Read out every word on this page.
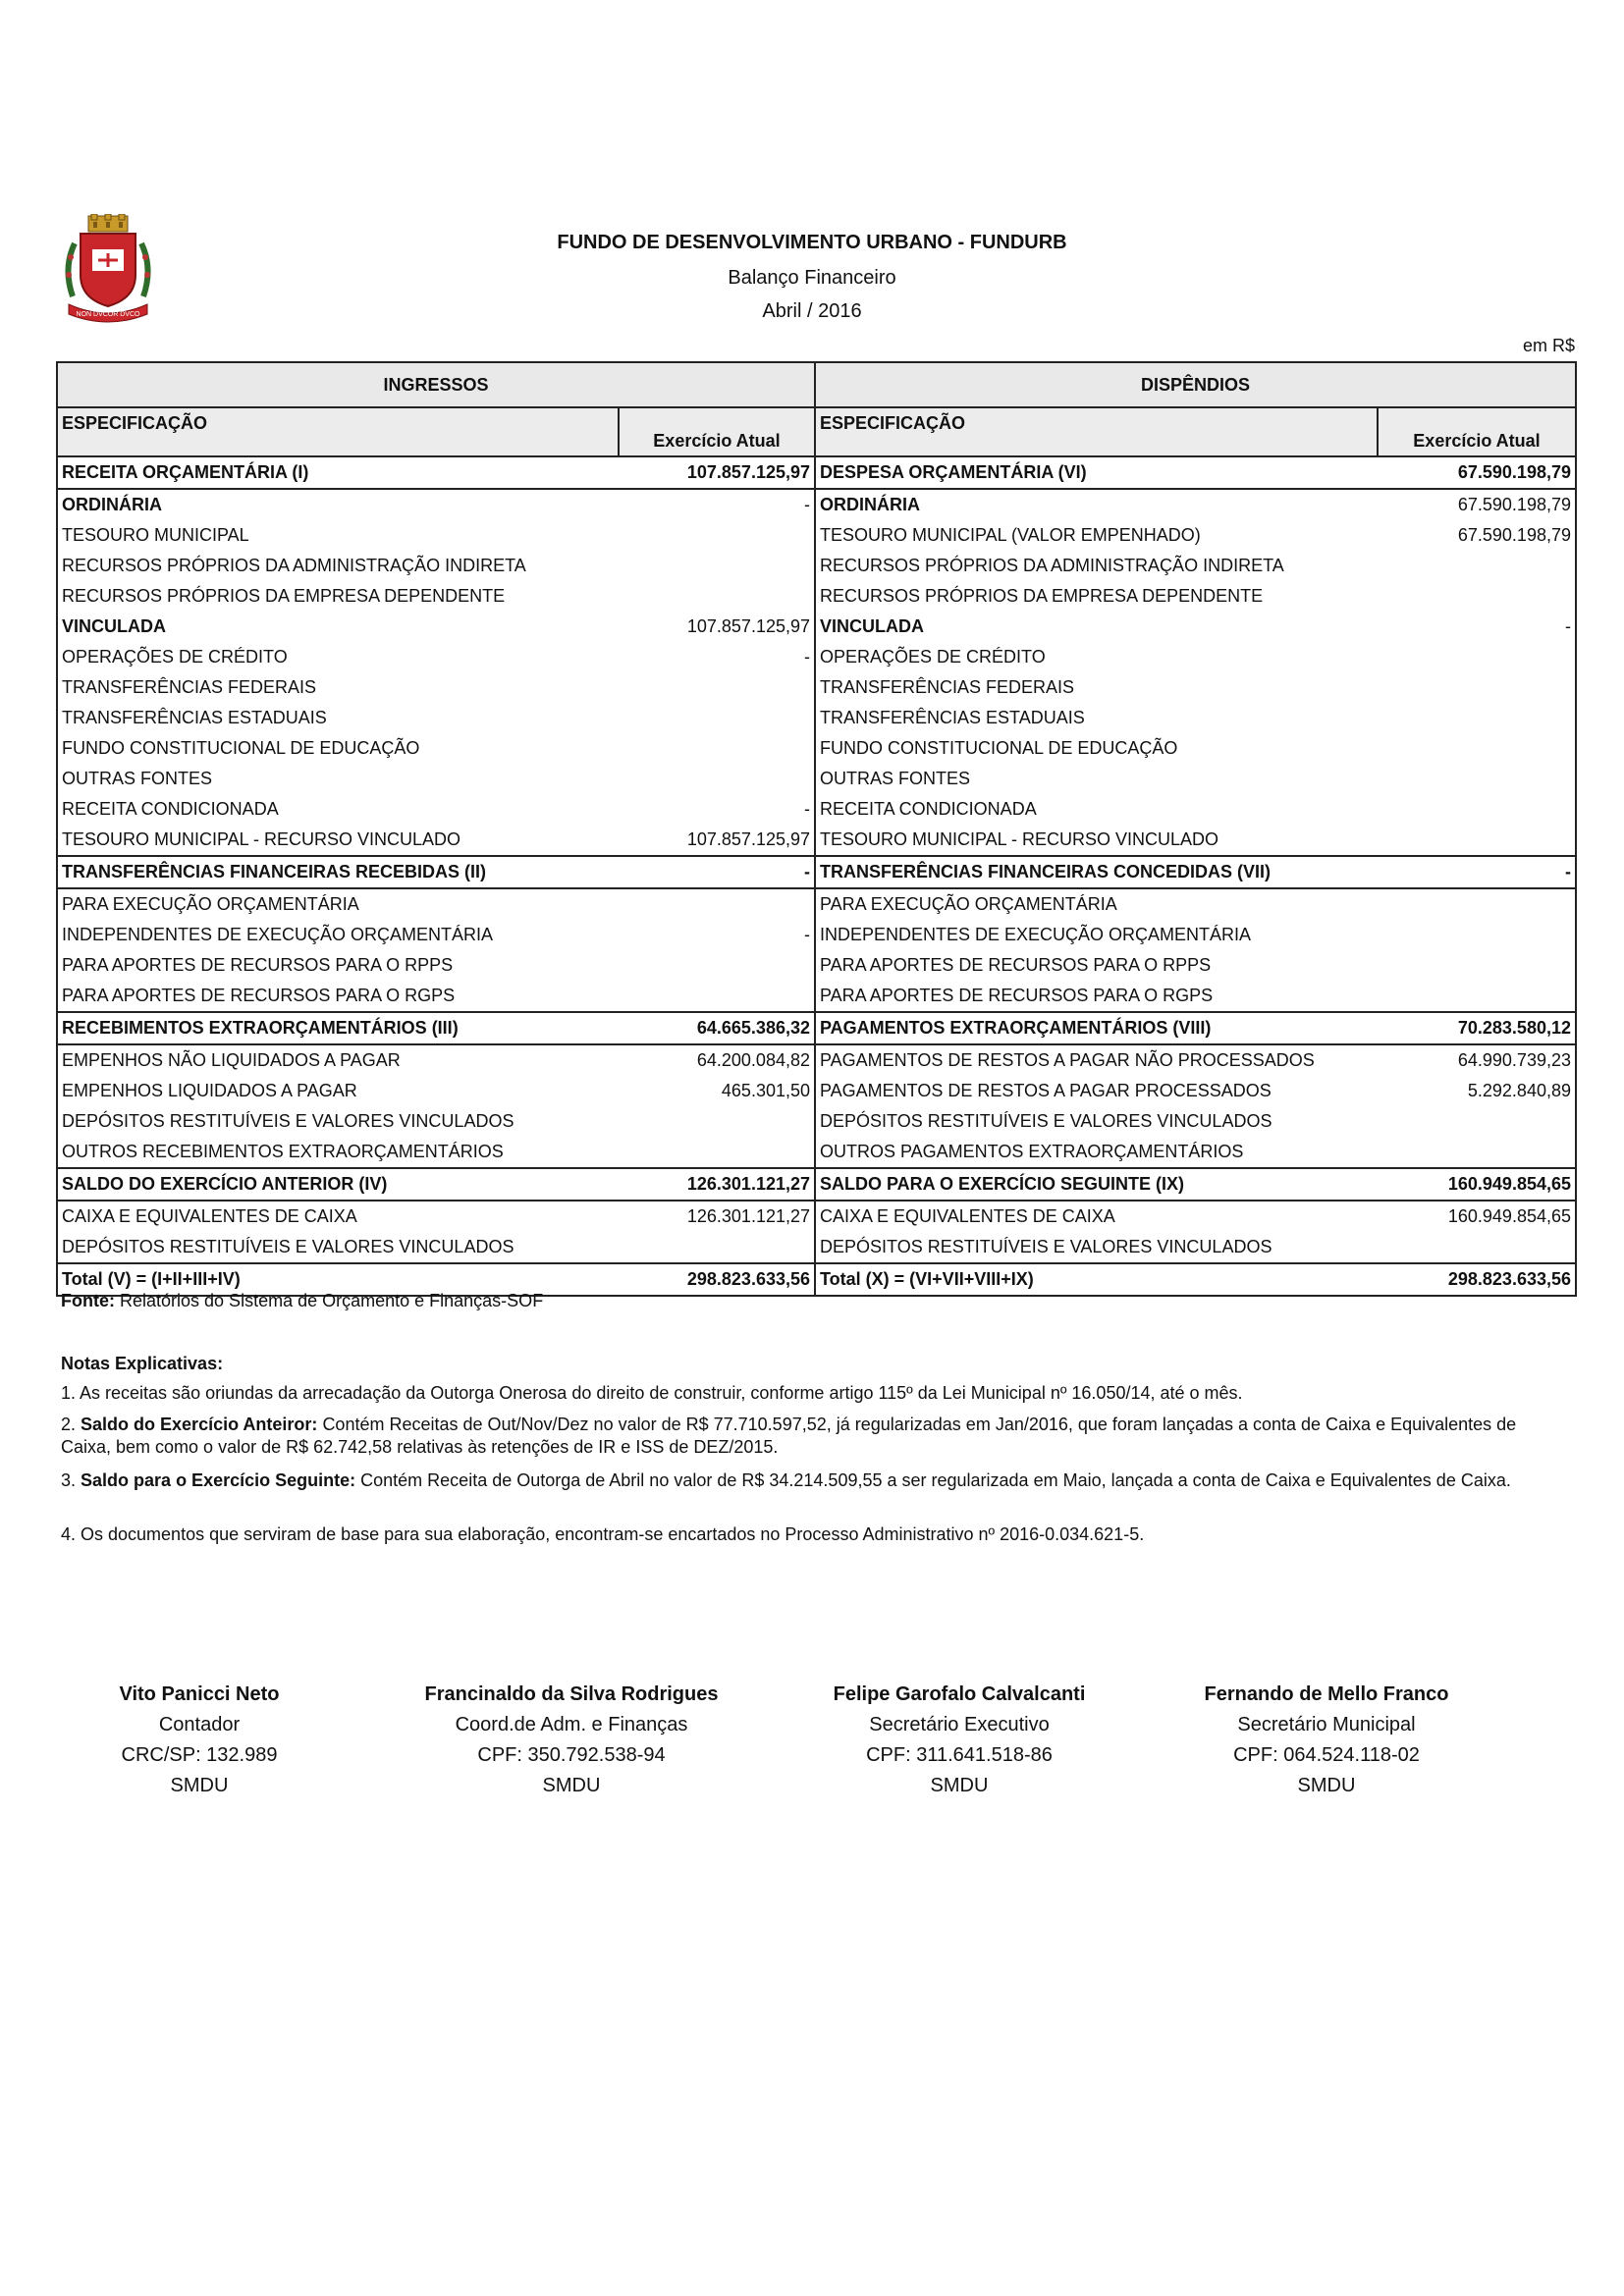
NON DVCOR DVCO
FUNDO DE DESENVOLVIMENTO URBANO - FUNDURB
Balanço Financeiro
Abril / 2016
em R$
INGRESSOS		DISPÊNDIOS	
ESPECIFICAÇÃO	Exercício Atual	ESPECIFICAÇÃO	Exercício Atual
RECEITA ORÇAMENTÁRIA (I)	107.857.125,97	DESPESA ORÇAMENTÁRIA (VI)	67.590.198,79
ORDINÁRIA	-	ORDINÁRIA	67.590.198,79
TESOURO MUNICIPAL		TESOURO MUNICIPAL (VALOR EMPENHADO)	67.590.198,79
RECURSOS PRÓPRIOS DA ADMINISTRAÇÃO INDIRETA		RECURSOS PRÓPRIOS DA ADMINISTRAÇÃO INDIRETA	
RECURSOS PRÓPRIOS DA EMPRESA DEPENDENTE		RECURSOS PRÓPRIOS DA EMPRESA DEPENDENTE	
VINCULADA	107.857.125,97	VINCULADA	-
OPERAÇÕES DE CRÉDITO	-	OPERAÇÕES DE CRÉDITO	
TRANSFERÊNCIAS FEDERAIS		TRANSFERÊNCIAS FEDERAIS	
TRANSFERÊNCIAS ESTADUAIS		TRANSFERÊNCIAS ESTADUAIS	
FUNDO CONSTITUCIONAL DE EDUCAÇÃO		FUNDO CONSTITUCIONAL DE EDUCAÇÃO	
OUTRAS FONTES		OUTRAS FONTES	
RECEITA CONDICIONADA	-	RECEITA CONDICIONADA	
TESOURO MUNICIPAL - RECURSO VINCULADO	107.857.125,97	TESOURO MUNICIPAL - RECURSO VINCULADO	
TRANSFERÊNCIAS FINANCEIRAS RECEBIDAS (II)	-	TRANSFERÊNCIAS FINANCEIRAS CONCEDIDAS (VII)	-
PARA EXECUÇÃO ORÇAMENTÁRIA		PARA EXECUÇÃO ORÇAMENTÁRIA	
INDEPENDENTES DE EXECUÇÃO ORÇAMENTÁRIA	-	INDEPENDENTES DE EXECUÇÃO ORÇAMENTÁRIA	
PARA APORTES DE RECURSOS PARA O RPPS		PARA APORTES DE RECURSOS PARA O RPPS	
PARA APORTES DE RECURSOS PARA O RGPS		PARA APORTES DE RECURSOS PARA O RGPS	
RECEBIMENTOS EXTRAORÇAMENTÁRIOS (III)	64.665.386,32	PAGAMENTOS EXTRAORÇAMENTÁRIOS (VIII)	70.283.580,12
EMPENHOS NÃO LIQUIDADOS A PAGAR	64.200.084,82	PAGAMENTOS DE RESTOS A PAGAR NÃO PROCESSADOS	64.990.739,23
EMPENHOS LIQUIDADOS A PAGAR	465.301,50	PAGAMENTOS DE RESTOS A PAGAR PROCESSADOS	5.292.840,89
DEPÓSITOS RESTITUÍVEIS E VALORES VINCULADOS		DEPÓSITOS RESTITUÍVEIS E VALORES VINCULADOS	
OUTROS RECEBIMENTOS EXTRAORÇAMENTÁRIOS		OUTROS PAGAMENTOS EXTRAORÇAMENTÁRIOS	
SALDO DO EXERCÍCIO ANTERIOR (IV)	126.301.121,27	SALDO PARA O EXERCÍCIO SEGUINTE (IX)	160.949.854,65
CAIXA E EQUIVALENTES DE CAIXA	126.301.121,27	CAIXA E EQUIVALENTES DE CAIXA	160.949.854,65
DEPÓSITOS RESTITUÍVEIS E VALORES VINCULADOS		DEPÓSITOS RESTITUÍVEIS E VALORES VINCULADOS	
Total (V) = (I+II+III+IV)	298.823.633,56	Total (X) = (VI+VII+VIII+IX)	298.823.633,56
Fonte: Relatórios do Sistema de Orçamento e Finanças-SOF
Notas Explicativas:
1. As receitas são oriundas da arrecadação da Outorga Onerosa do direito de construir, conforme artigo 115º da Lei Municipal nº 16.050/14, até o mês.
2. Saldo do Exercício Anteiror: Contém Receitas de Out/Nov/Dez no valor de R$ 77.710.597,52, já regularizadas em Jan/2016, que foram lançadas a conta de Caixa e Equivalentes de Caixa, bem como o valor de R$ 62.742,58 relativas às retenções de IR e ISS de DEZ/2015.
3. Saldo para o Exercício Seguinte: Contém Receita de Outorga de Abril no valor de R$ 34.214.509,55 a ser regularizada em Maio, lançada a conta de Caixa e Equivalentes de Caixa.
4. Os documentos que serviram de base para sua elaboração, encontram-se encartados no Processo Administrativo nº 2016-0.034.621-5.
Vito Panicci Neto
Contador
CRC/SP: 132.989
SMDU
Francinaldo da Silva Rodrigues
Coord.de Adm. e Finanças
CPF: 350.792.538-94
SMDU
Felipe Garofalo Calvalcanti
Secretário Executivo
CPF: 311.641.518-86
SMDU
Fernando de Mello Franco
Secretário Municipal
CPF: 064.524.118-02
SMDU
